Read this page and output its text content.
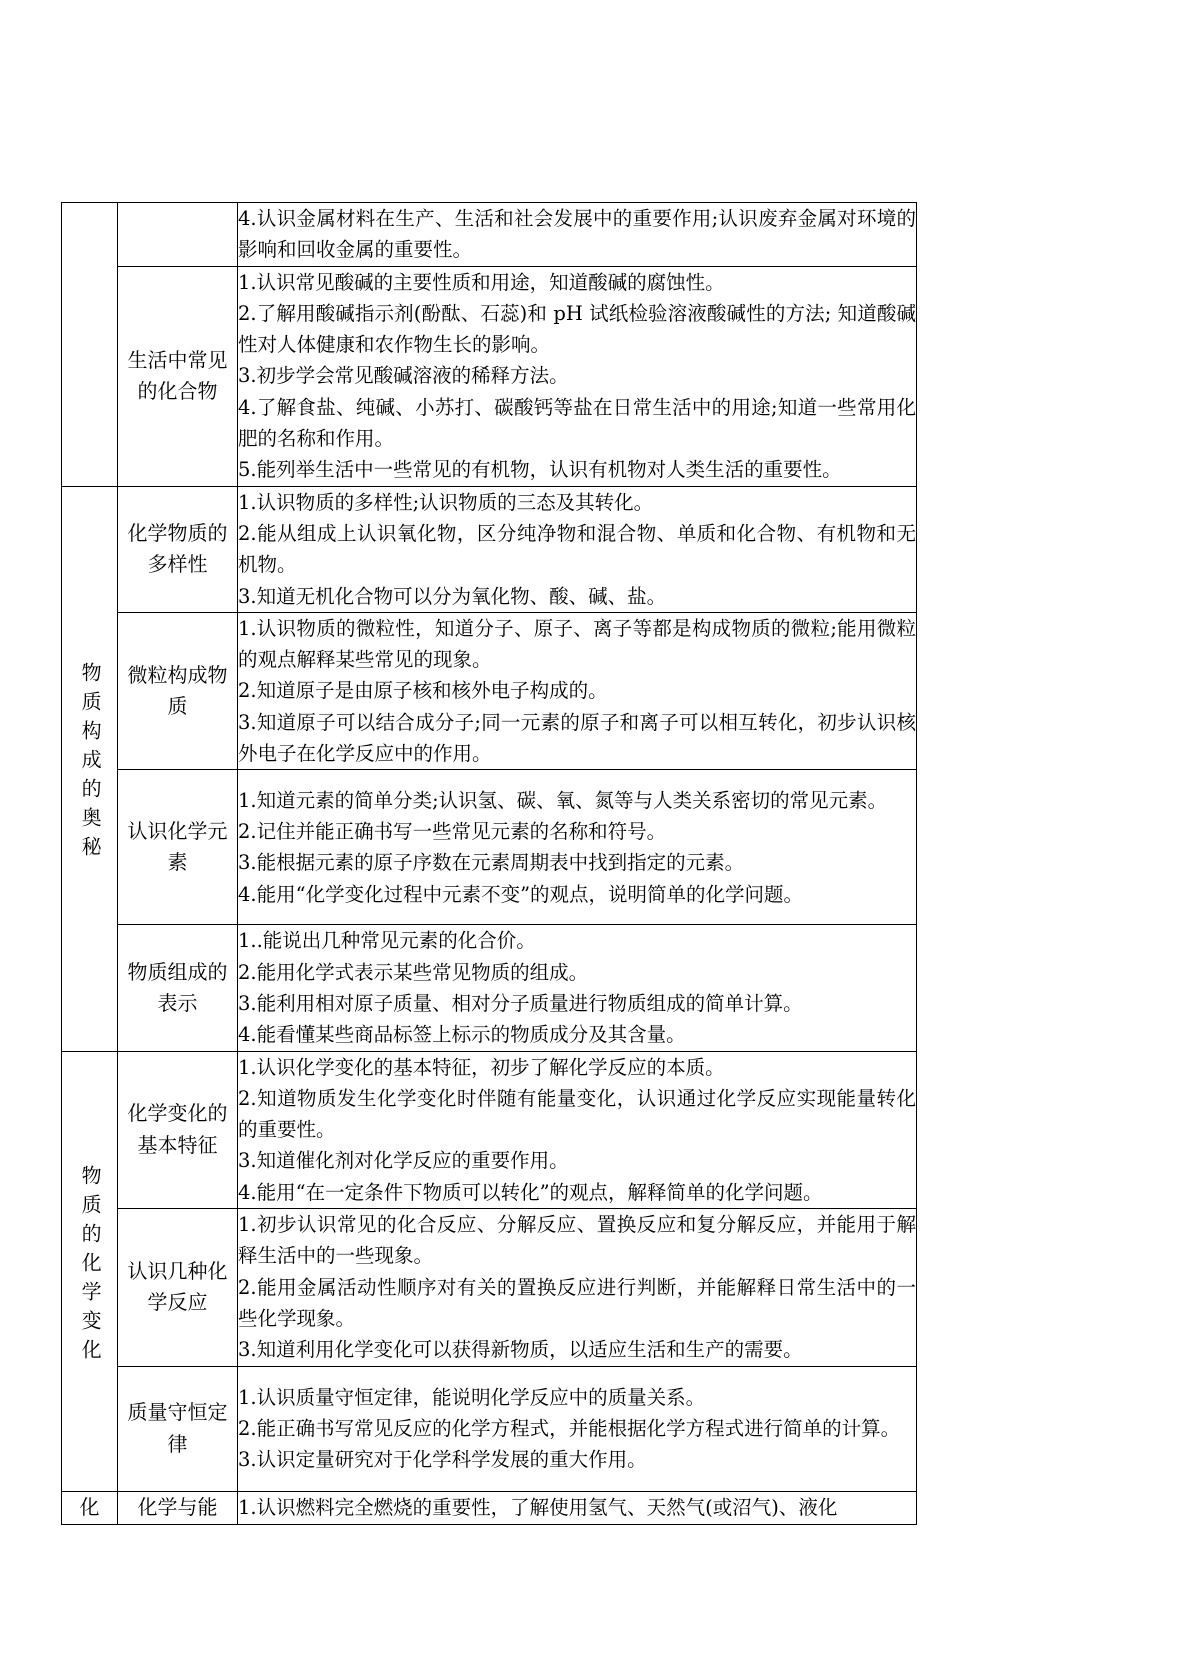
		4.认识金属材料在生产、生活和社会发展中的重要作用;认识废弃金属对环境的影响和回收金属的重要性。

	生活中常见的化合物	1.认识常见酸碱的主要性质和用途，知道酸碱的腐蚀性。
2.了解用酸碱指示剂(酚酞、石蕊)和 pH 试纸检验溶液酸碱性的方法; 知道酸碱性对人体健康和农作物生长的影响。
3.初步学会常见酸碱溶液的稀释方法。
4.了解食盐、纯碱、小苏打、碳酸钙等盐在日常生活中的用途;知道一些常用化肥的名称和作用。
5.能列举生活中一些常见的有机物，认识有机物对人类生活的重要性。

物质构成的奥秘	化学物质的多样性	1.认识物质的多样性;认识物质的三态及其转化。
2.能从组成上认识氧化物，区分纯净物和混合物、单质和化合物、有机物和无机物。
3.知道无机化合物可以分为氧化物、酸、碱、盐。

	微粒构成物质	1.认识物质的微粒性，知道分子、原子、离子等都是构成物质的微粒;能用微粒的观点解释某些常见的现象。
2.知道原子是由原子核和核外电子构成的。
3.知道原子可以结合成分子;同一元素的原子和离子可以相互转化，初步认识核外电子在化学反应中的作用。

	认识化学元素	1.知道元素的简单分类;认识氢、碳、氧、氮等与人类关系密切的常见元素。
2.记住并能正确书写一些常见元素的名称和符号。
3.能根据元素的原子序数在元素周期表中找到指定的元素。
4.能用“化学变化过程中元素不变”的观点，说明简单的化学问题。

	物质组成的表示	1..能说出几种常见元素的化合价。
2.能用化学式表示某些常见物质的组成。
3.能利用相对原子质量、相对分子质量进行物质组成的简单计算。
4.能看懂某些商品标签上标示的物质成分及其含量。

物质的化学变化	化学变化的基本特征	1.认识化学变化的基本特征，初步了解化学反应的本质。
2.知道物质发生化学变化时伴随有能量变化，认识通过化学反应实现能量转化的重要性。
3.知道催化剂对化学反应的重要作用。
4.能用“在一定条件下物质可以转化”的观点，解释简单的化学问题。

	认识几种化学反应	1.初步认识常见的化合反应、分解反应、置换反应和复分解反应，并能用于解释生活中的一些现象。
2.能用金属活动性顺序对有关的置换反应进行判断，并能解释日常生活中的一些化学现象。
3.知道利用化学变化可以获得新物质，以适应生活和生产的需要。

	质量守恒定律	1.认识质量守恒定律，能说明化学反应中的质量关系。
2.能正确书写常见反应的化学方程式，并能根据化学方程式进行简单的计算。
3.认识定量研究对于化学科学发展的重大作用。

化	化学与能	1.认识燃料完全燃烧的重要性，了解使用氢气、天然气(或沼气)、液化
